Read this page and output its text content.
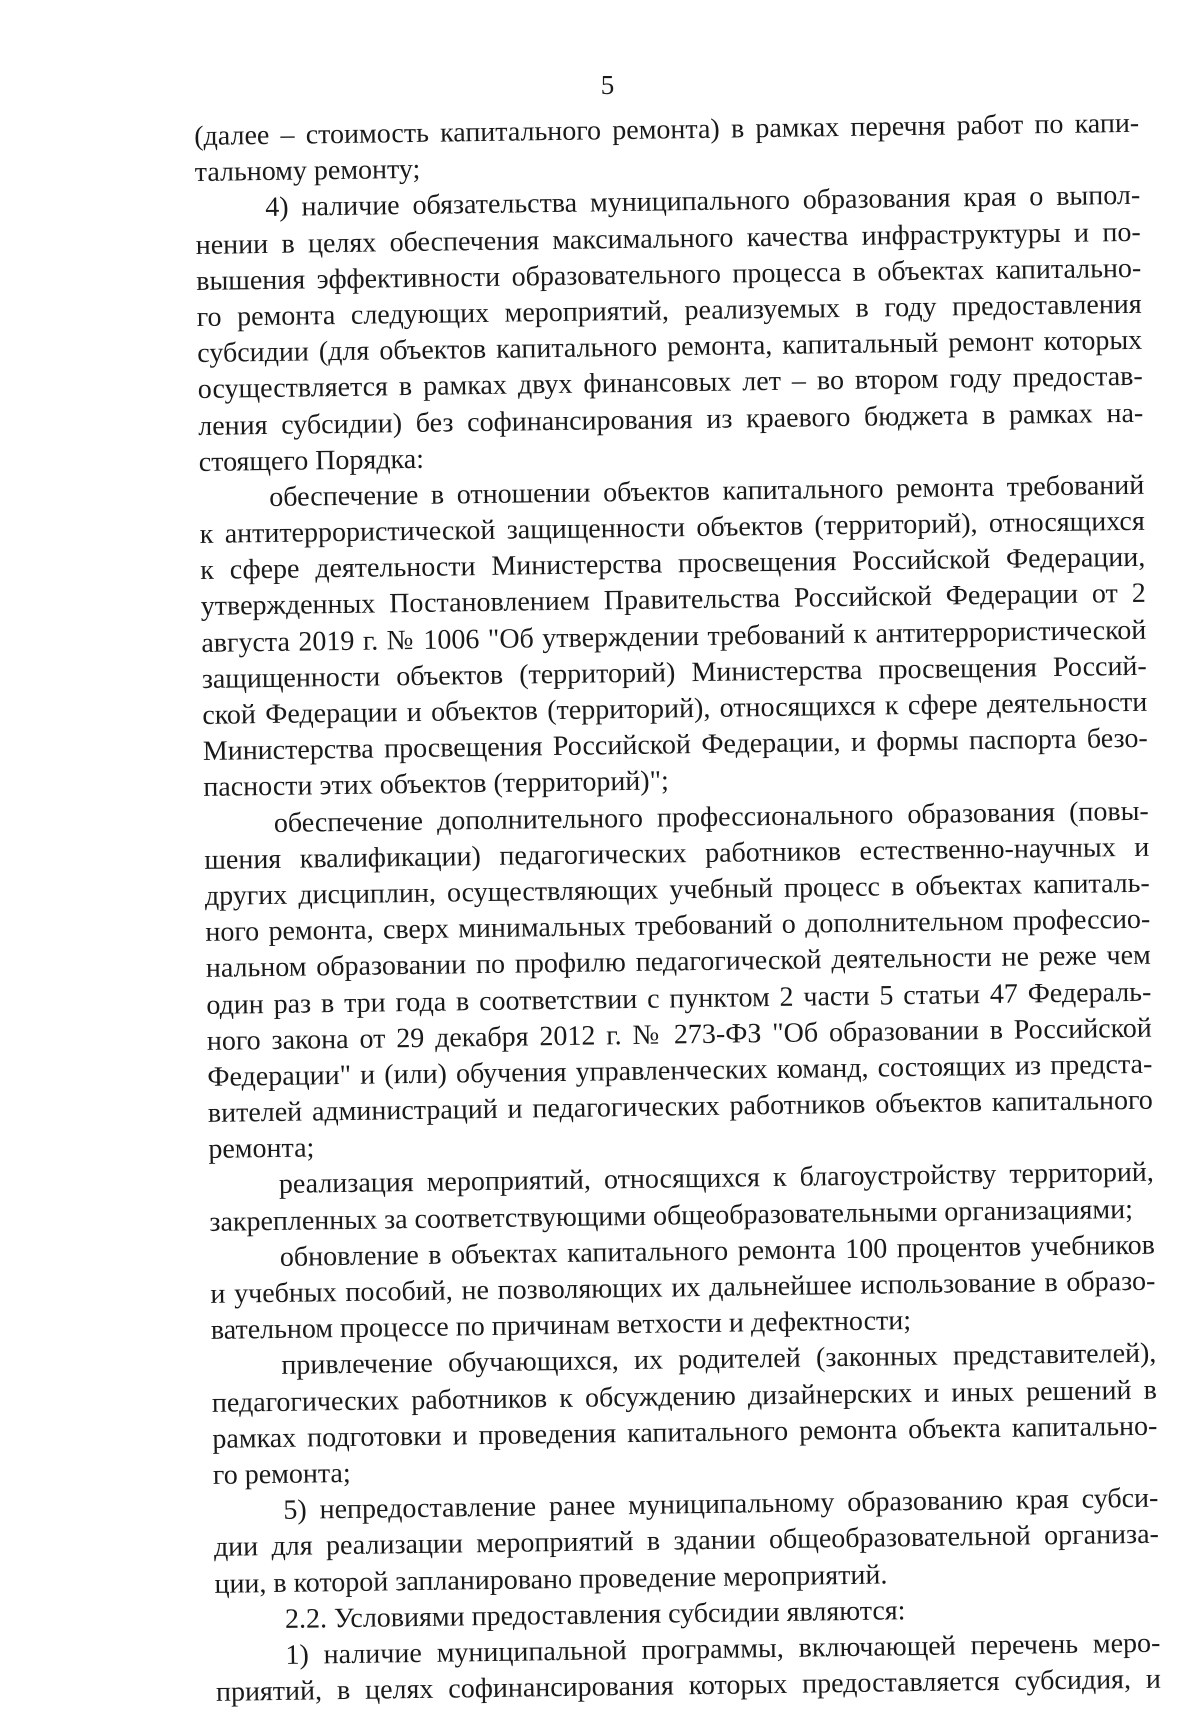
5
(далее – стоимость капитального ремонта) в рамках перечня работ по капи-
тальному ремонту;
4) наличие обязательства муниципального образования края о выпол-
нении в целях обеспечения максимального качества инфраструктуры и по-
вышения эффективности образовательного процесса в объектах капитально-
го ремонта следующих мероприятий, реализуемых в году предоставления
субсидии (для объектов капитального ремонта, капитальный ремонт которых
осуществляется в рамках двух финансовых лет – во втором году предостав-
ления субсидии) без софинансирования из краевого бюджета в рамках на-
стоящего Порядка:
обеспечение в отношении объектов капитального ремонта требований
к антитеррористической защищенности объектов (территорий), относящихся
к сфере деятельности Министерства просвещения Российской Федерации,
утвержденных Постановлением Правительства Российской Федерации от 2
августа 2019 г. № 1006 "Об утверждении требований к антитеррористической
защищенности объектов (территорий) Министерства просвещения Россий-
ской Федерации и объектов (территорий), относящихся к сфере деятельности
Министерства просвещения Российской Федерации, и формы паспорта безо-
пасности этих объектов (территорий)";
обеспечение дополнительного профессионального образования (повы-
шения квалификации) педагогических работников естественно-научных и
других дисциплин, осуществляющих учебный процесс в объектах капиталь-
ного ремонта, сверх минимальных требований о дополнительном профессио-
нальном образовании по профилю педагогической деятельности не реже чем
один раз в три года в соответствии с пунктом 2 части 5 статьи 47 Федераль-
ного закона от 29 декабря 2012 г. № 273-ФЗ "Об образовании в Российской
Федерации" и (или) обучения управленческих команд, состоящих из предста-
вителей администраций и педагогических работников объектов капитального
ремонта;
реализация мероприятий, относящихся к благоустройству территорий,
закрепленных за соответствующими общеобразовательными организациями;
обновление в объектах капитального ремонта 100 процентов учебников
и учебных пособий, не позволяющих их дальнейшее использование в образо-
вательном процессе по причинам ветхости и дефектности;
привлечение обучающихся, их родителей (законных представителей),
педагогических работников к обсуждению дизайнерских и иных решений в
рамках подготовки и проведения капитального ремонта объекта капитально-
го ремонта;
5) непредоставление ранее муниципальному образованию края субси-
дии для реализации мероприятий в здании общеобразовательной организа-
ции, в которой запланировано проведение мероприятий.
2.2. Условиями предоставления субсидии являются:
1) наличие муниципальной программы, включающей перечень меро-
приятий, в целях софинансирования которых предоставляется субсидия, и
